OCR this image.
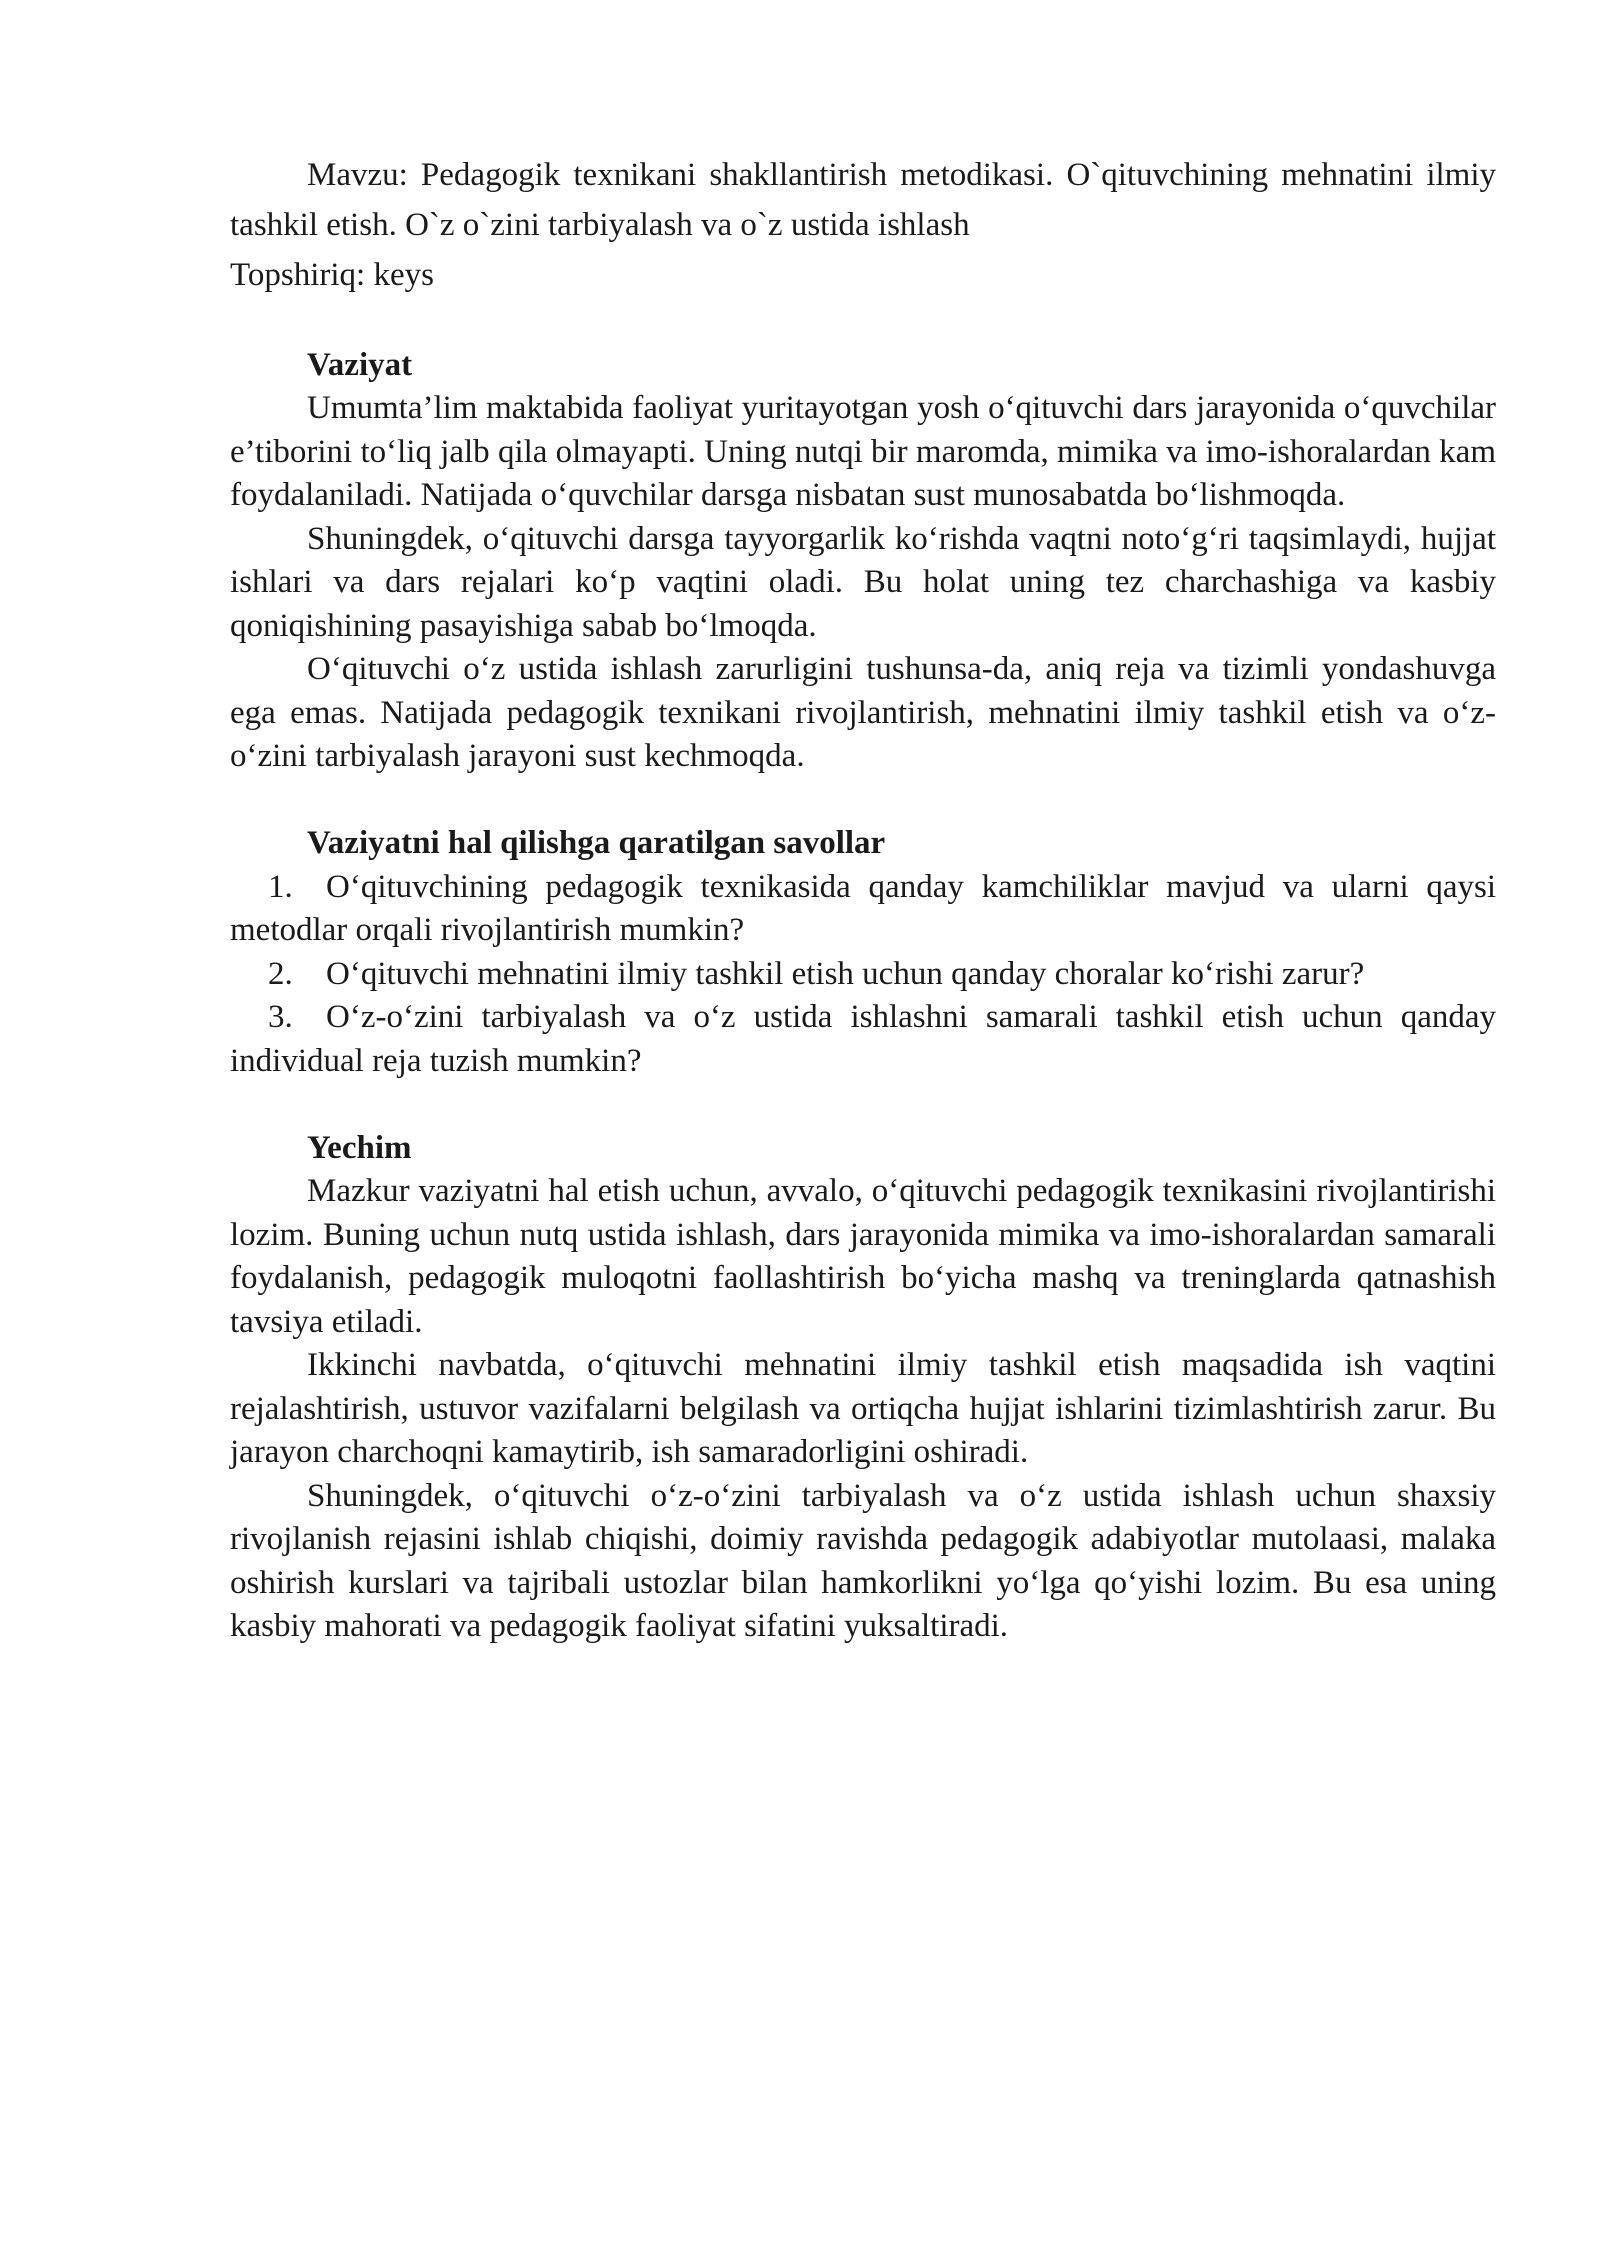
Mavzu: Pedagogik texnikani shakllantirish metodikasi. O`qituvchining mehnatini ilmiy tashkil etish. O`z o`zini tarbiyalash va o`z ustida ishlash

Topshiriq: keys

Vaziyat

Umumta’lim maktabida faoliyat yuritayotgan yosh o‘qituvchi dars jarayonida o‘quvchilar e’tiborini to‘liq jalb qila olmayapti. Uning nutqi bir maromda, mimika va imo-ishoralardan kam foydalaniladi. Natijada o‘quvchilar darsga nisbatan sust munosabatda bo‘lishmoqda.

Shuningdek, o‘qituvchi darsga tayyorgarlik ko‘rishda vaqtni noto‘g‘ri taqsimlaydi, hujjat ishlari va dars rejalari ko‘p vaqtini oladi. Bu holat uning tez charchashiga va kasbiy qoniqishining pasayishiga sabab bo‘lmoqda.

O‘qituvchi o‘z ustida ishlash zarurligini tushunsa-da, aniq reja va tizimli yondashuvga ega emas. Natijada pedagogik texnikani rivojlantirish, mehnatini ilmiy tashkil etish va o‘z-o‘zini tarbiyalash jarayoni sust kechmoqda.

Vaziyatni hal qilishga qaratilgan savollar

1. O‘qituvchining pedagogik texnikasida qanday kamchiliklar mavjud va ularni qaysi metodlar orqali rivojlantirish mumkin?

2. O‘qituvchi mehnatini ilmiy tashkil etish uchun qanday choralar ko‘rishi zarur?

3. O‘z-o‘zini tarbiyalash va o‘z ustida ishlashni samarali tashkil etish uchun qanday individual reja tuzish mumkin?

Yechim

Mazkur vaziyatni hal etish uchun, avvalo, o‘qituvchi pedagogik texnikasini rivojlantirishi lozim. Buning uchun nutq ustida ishlash, dars jarayonida mimika va imo-ishoralardan samarali foydalanish, pedagogik muloqotni faollashtirish bo‘yicha mashq va treninglarda qatnashish tavsiya etiladi.

Ikkinchi navbatda, o‘qituvchi mehnatini ilmiy tashkil etish maqsadida ish vaqtini rejalashtirish, ustuvor vazifalarni belgilash va ortiqcha hujjat ishlarini tizimlashtirish zarur. Bu jarayon charchoqni kamaytirib, ish samaradorligini oshiradi.

Shuningdek, o‘qituvchi o‘z-o‘zini tarbiyalash va o‘z ustida ishlash uchun shaxsiy rivojlanish rejasini ishlab chiqishi, doimiy ravishda pedagogik adabiyotlar mutolaasi, malaka oshirish kurslari va tajribali ustozlar bilan hamkorlikni yo‘lga qo‘yishi lozim. Bu esa uning kasbiy mahorati va pedagogik faoliyat sifatini yuksaltiradi.
